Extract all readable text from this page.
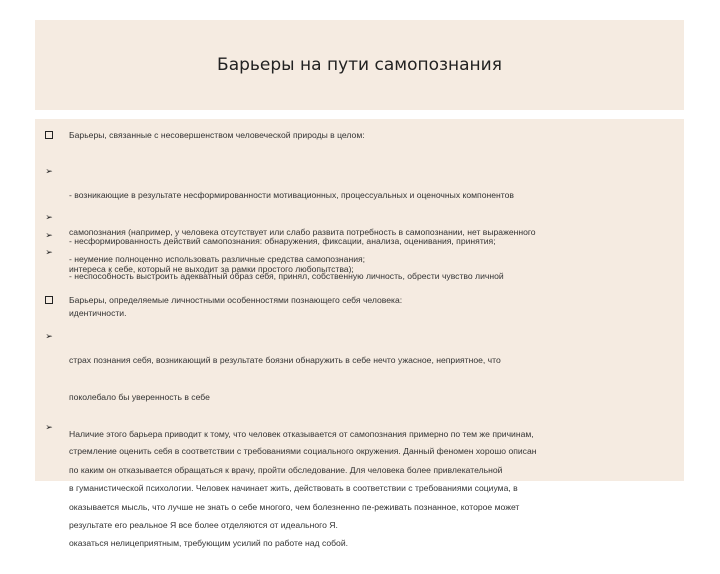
Барьеры на пути самопознания
Барьеры, связанные с несовершенством человеческой природы в целом:
➢

- возникающие в результате несформированности мотивационных, процессуальных и оценочных компонентов

самопознания (например, у человека отсутствует или слабо развита потребность в самопознании, нет выраженного

интереса к себе, который не выходит за рамки простого любопытства);

➢

- несформированность действий самопознания: обнаружения, фиксации, анализа, оценивания, принятия;

➢

- неумение полноценно использовать различные средства самопознания;

➢

- неспособность выстроить адекватный образ себя, принял, собственную личность, обрести чувство личной

идентичности.

Барьеры, определяемые личностными особенностями познающего себя человека:
➢

страх познания себя, возникающий в результате боязни обнаружить в себе нечто ужасное, неприятное, что

поколебало бы уверенность в себе

Наличие этого барьера приводит к тому, что человек отказывается от самопознания примерно по тем же причинам,

по каким он отказывается обращаться к врачу, пройти обследование. Для человека более привлекательной

оказывается мысль, что лучше не знать о себе многого, чем болезненно пе-реживать познанное, которое может

оказаться нелицеприятным, требующим усилий по работе над собой.

➢

стремление оценить себя в соответствии с требованиями социального окружения. Данный феномен хорошо описан

в гуманистической психологии. Человек начинает жить, действовать в соответствии с требованиями социума, в

результате его реальное Я все более отделяются от идеального Я.
